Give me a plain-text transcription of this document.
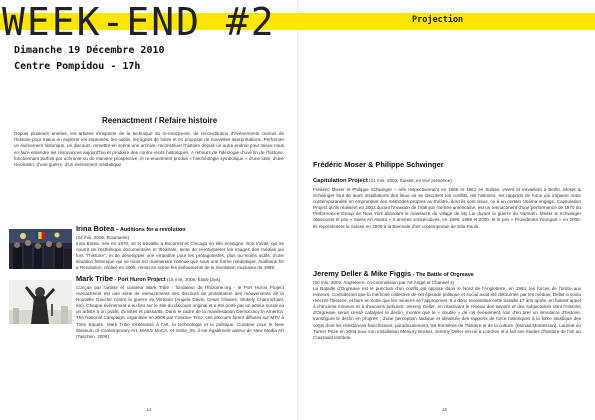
WEEK-END #2	Projection
Dimanche 19 Décembre 2010
Centre Pompidou - 17h
Reenactment / Refaire histoire
Depuis plusieurs années, les artistes s'inspirent de la technique du re-enactment, de reconstitution d'événements connus de l'histoire pour mieux en explorer les impensés, les oublis, les lignes de fuites et en proposer de nouvelles interprétations. Performer un événement historique, un discours, remettre en scène une archive, reconstituer l'histoire depuis un autre endroit pour mieux nous en faire entendre les résonances aujourd'hui et produire des contre-récits historiques. A rebours de l'idéologie d'une fin de l'histoire, fonctionnant parfois par uchronie ou de manière prospective, le re-enactment produit « l'archéologie symbolique » d'une lutte, d'une révolution, d'une guerre, d'un événement médiatique.
Irina Botea – Auditions for a revolution
(24 min, 2006, Roumanie)
Irina Botea, née en 1970, vit et travaille à Bucarest et Chicago où elle enseigne. Son travail, qui se nourrit de l'esthétique documentaire et théâtrale, tente de ré-interpréter les images des médias qui font "l'histoire", et de développer une empathie pour les protagonistes, plus ou moins actifs, d'une situation historique qui ne nous est maintenant connue que sous une forme médiatique. Auditions for a Revolution, réalisé en 2006, remet en scène les événements de la révolution roumaine de 1989.
Mark Tribe - Port Huron Project (15 min, 2008, États-Unis)
Conçue par l'artiste et curateur Mark Tribe - fondateur de Rhizome.org - le Port Huron Project reenactment est une série de reenactments des discours de protestation des mouvements de la Nouvelle Gauche contre la guerre du Vietnam (Angela Davis, Cesar Chavez, Stokely Charmichael, etc). Chaque événement a eu lieu sur le site du discours original et a été porté par un acteur social ou un artiste à un public d'invités et passants. Dans le cadre de la manifestation Democracy in America: The National Campaign, organisée en 2008 par Creative Time, ces discours furent diffusés sur MTV à Time Square. Mark Tribe s'intéresse à l'art, la technologie et la politique. Curateur pour le New Museum of Contemporary Art, MASS MoCA, et inSite_05, il est également auteur de New Media Art (Taschen, 2006).
Frédéric Moser & Philippe Schwinger
Capitulation Project (21 min, 2003, Suisse, en leur présence)
Frédéric Moser et Philippe Schwinger – nés respectivement en 1966 et 1961 en Suisse, vivent et travaillent à Berlin. Moser & Schwinger font de leurs installations des lieux où se discutent les conflits, les histoires, les rapports de force qui irriguent notre contemporanéité en empruntant des méthodes propres au théâtre, dont ils sont issus, ou à un certain cinéma engagé. Capitulation Project qu'ils réalisent en 2003 durant l'invasion de l'Irak par l'armée américaine, est un reenactment d'une performance de 1970 du Performance Group de New York abordant le massacre du village de My Lai durant la guerre du Vietnam. Moser & Schwinger obtiennent le prix « Swiss Art Award » 3 années consécutives, en 1998, 1999 et 2000, et le prix « Providentia Youngart » en 2000. Ils représentent la Suisse en 2006 à la Biennale d'art contemporain de São Paulo.
Jeremy Deller & Mike Figgis - The Battle of Orgreave
(60 min, 2002, Angleterre, co-commission par Art Angel et Channel 4)
La Bataille d'Orgreave est le punctum d'un conflit qui oppose dans le Nord de l'Angleterre, en 1984, les forces de l'ordre aux mineurs. Considérant que la mémoire collective de cet épisode politique et social avait été détournée par les médias, Deller a voulu réécrire l'histoire, et faire en sorte que les mineurs se l'approprient. Il a donc reconstitué cette bataille 17 ans après, en faisant appel à d'anciens mineurs et à d'anciens policiers. Jeremy Deller, en réactivant le réseau des savoirs et des subjectivités dont l'Histoire d'Orgreave serait censé catalyser le déclin, montre que le « double » de cet événement, loin d'en tirer un simulacre d'histoire, transfigure le déclin en progrès ; d'une perception statique et idéalisée des rapports de force historiques à la force plastique des corps dont les résistances franchissent, paradoxalement, les frontières de l'histoire et de la culture. (Monad Montessori). Lauréat du Turner Prize en 2004 pour son installation Memory Bucket, Jeremy Deller est né à Londres et a fait ses études d'histoire de l'art au Courtauld Institute.
14	15
